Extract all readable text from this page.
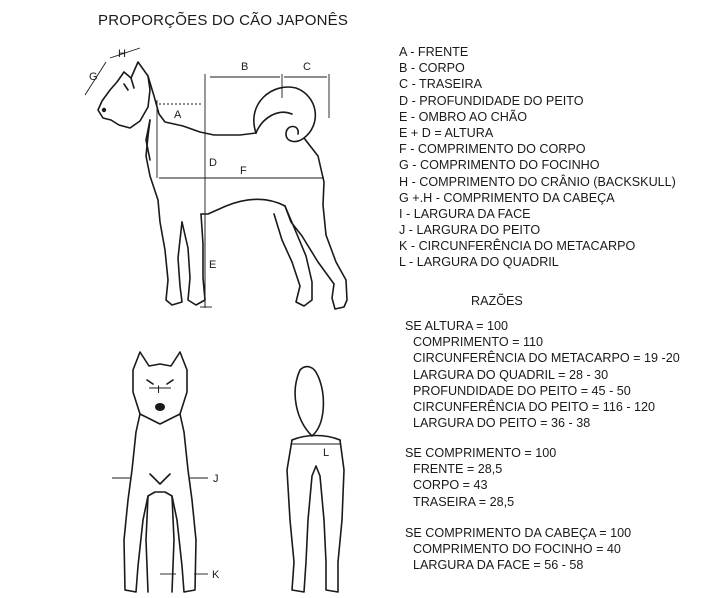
PROPORÇÕES DO CÃO JAPONÊS
A
B	C
D
E
F
G
H
I
J
K
L
A - FRENTE
B - CORPO
C - TRASEIRA
D - PROFUNDIDADE DO PEITO
E - OMBRO AO CHÃO
E + D = ALTURA
F - COMPRIMENTO DO CORPO
G - COMPRIMENTO DO FOCINHO
H - COMPRIMENTO DO CRÂNIO (BACKSKULL)
G +.H - COMPRIMENTO DA CABEÇA
I - LARGURA DA FACE
J - LARGURA DO PEITO
K - CIRCUNFERÊNCIA DO METACARPO
L - LARGURA DO QUADRIL
RAZÕES
SE ALTURA = 100
COMPRIMENTO = 110
CIRCUNFERÊNCIA DO METACARPO = 19 -20
LARGURA DO QUADRIL = 28 - 30
PROFUNDIDADE DO PEITO = 45 - 50
CIRCUNFERÊNCIA DO PEITO = 116 - 120
LARGURA DO PEITO = 36 - 38
SE COMPRIMENTO = 100
FRENTE = 28,5
CORPO = 43
TRASEIRA = 28,5
SE COMPRIMENTO DA CABEÇA = 100
COMPRIMENTO DO FOCINHO = 40
LARGURA DA FACE = 56 - 58
